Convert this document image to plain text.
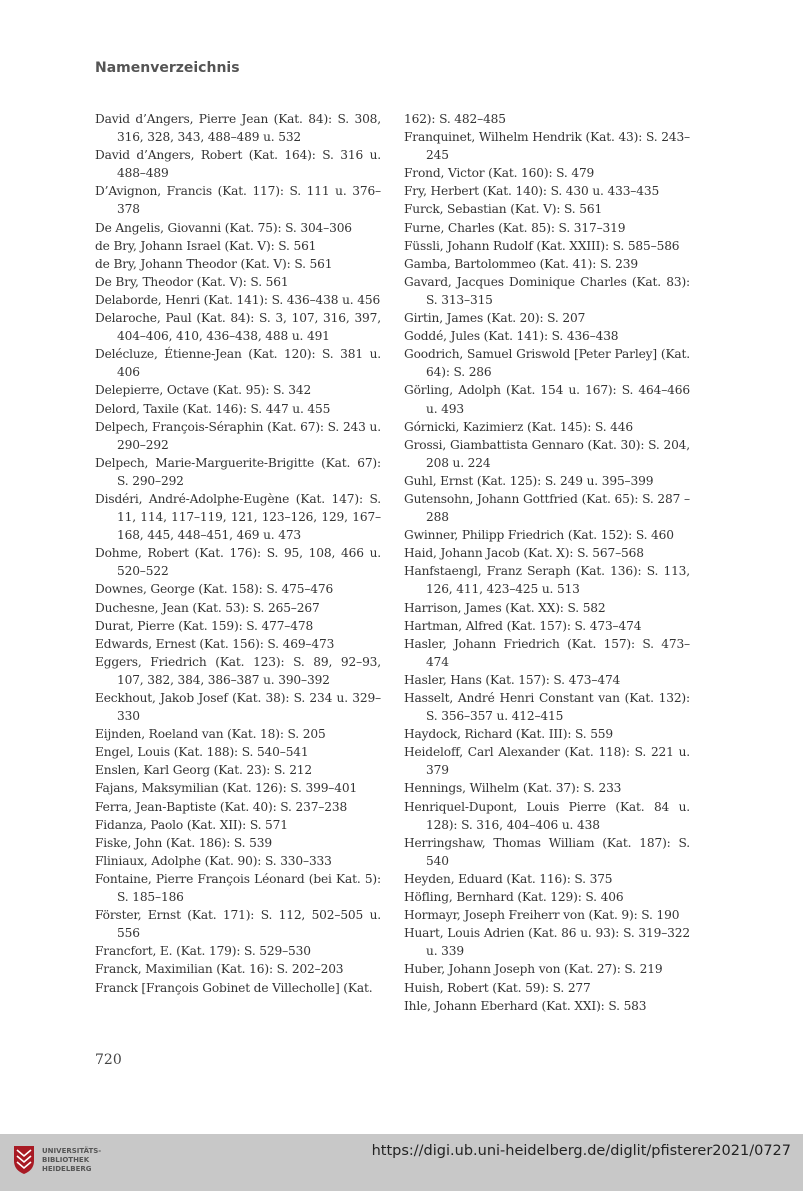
Namenverzeichnis
David d’Angers, Pierre Jean (Kat. 84): S. 308, 316, 328, 343, 488–489 u. 532
David d’Angers, Robert (Kat. 164): S. 316 u. 488–489
D’Avignon, Francis (Kat. 117): S. 111 u. 376–378
De Angelis, Giovanni (Kat. 75): S. 304–306
de Bry, Johann Israel (Kat. V): S. 561
de Bry, Johann Theodor (Kat. V): S. 561
De Bry, Theodor (Kat. V): S. 561
Delaborde, Henri (Kat. 141): S. 436–438 u. 456
Delaroche, Paul (Kat. 84): S. 3, 107, 316, 397, 404–406, 410, 436–438, 488 u. 491
Delécluze, Étienne-Jean (Kat. 120): S. 381 u. 406
Delepierre, Octave (Kat. 95): S. 342
Delord, Taxile (Kat. 146): S. 447 u. 455
Delpech, François-Séraphin (Kat. 67): S. 243 u. 290–292
Delpech, Marie-Marguerite-Brigitte (Kat. 67): S. 290–292
Disdéri, André-Adolphe-Eugène (Kat. 147): S. 11, 114, 117–119, 121, 123–126, 129, 167–168, 445, 448–451, 469 u. 473
Dohme, Robert (Kat. 176): S. 95, 108, 466 u. 520–522
Downes, George (Kat. 158): S. 475–476
Duchesne, Jean (Kat. 53): S. 265–267
Durat, Pierre (Kat. 159): S. 477–478
Edwards, Ernest (Kat. 156): S. 469–473
Eggers, Friedrich (Kat. 123): S. 89, 92–93, 107, 382, 384, 386–387 u. 390–392
Eeckhout, Jakob Josef (Kat. 38): S. 234 u. 329–330
Eijnden, Roeland van (Kat. 18): S. 205
Engel, Louis (Kat. 188): S. 540–541
Enslen, Karl Georg (Kat. 23): S. 212
Fajans, Maksymilian (Kat. 126): S. 399–401
Ferra, Jean-Baptiste (Kat. 40): S. 237–238
Fidanza, Paolo (Kat. XII): S. 571
Fiske, John (Kat. 186): S. 539
Fliniaux, Adolphe (Kat. 90): S. 330–333
Fontaine, Pierre François Léonard (bei Kat. 5): S. 185–186
Förster, Ernst (Kat. 171): S. 112, 502–505 u. 556
Francfort, E. (Kat. 179): S. 529–530
Franck, Maximilian (Kat. 16): S. 202–203
Franck [François Gobinet de Villecholle] (Kat.
162): S. 482–485
Franquinet, Wilhelm Hendrik (Kat. 43): S. 243–245
Frond, Victor (Kat. 160): S. 479
Fry, Herbert (Kat. 140): S. 430 u. 433–435
Furck, Sebastian (Kat. V): S. 561
Furne, Charles (Kat. 85): S. 317–319
Füssli, Johann Rudolf (Kat. XXIII): S. 585–586
Gamba, Bartolommeo (Kat. 41): S. 239
Gavard, Jacques Dominique Charles (Kat. 83): S. 313–315
Girtin, James (Kat. 20): S. 207
Goddé, Jules (Kat. 141): S. 436–438
Goodrich, Samuel Griswold [Peter Parley] (Kat. 64): S. 286
Görling, Adolph (Kat. 154 u. 167): S. 464–466 u. 493
Górnicki, Kazimierz (Kat. 145): S. 446
Grossi, Giambattista Gennaro (Kat. 30): S. 204, 208 u. 224
Guhl, Ernst (Kat. 125): S. 249 u. 395–399
Gutensohn, Johann Gottfried (Kat. 65): S. 287 –288
Gwinner, Philipp Friedrich (Kat. 152): S. 460
Haid, Johann Jacob (Kat. X): S. 567–568
Hanfstaengl, Franz Seraph (Kat. 136): S. 113, 126, 411, 423–425 u. 513
Harrison, James (Kat. XX): S. 582
Hartman, Alfred (Kat. 157): S. 473–474
Hasler, Johann Friedrich (Kat. 157): S. 473–474
Hasler, Hans (Kat. 157): S. 473–474
Hasselt, André Henri Constant van (Kat. 132): S. 356–357 u. 412–415
Haydock, Richard (Kat. III): S. 559
Heideloff, Carl Alexander (Kat. 118): S. 221 u. 379
Hennings, Wilhelm (Kat. 37): S. 233
Henriquel-Dupont, Louis Pierre (Kat. 84 u. 128): S. 316, 404–406 u. 438
Herringshaw, Thomas William (Kat. 187): S. 540
Heyden, Eduard (Kat. 116): S. 375
Höfling, Bernhard (Kat. 129): S. 406
Hormayr, Joseph Freiherr von (Kat. 9): S. 190
Huart, Louis Adrien (Kat. 86 u. 93): S. 319–322 u. 339
Huber, Johann Joseph von (Kat. 27): S. 219
Huish, Robert (Kat. 59): S. 277
Ihle, Johann Eberhard (Kat. XXI): S. 583
720
UNIVERSITÄTS-
BIBLIOTHEK
HEIDELBERG
https://digi.ub.uni-heidelberg.de/diglit/pfisterer2021/0727
